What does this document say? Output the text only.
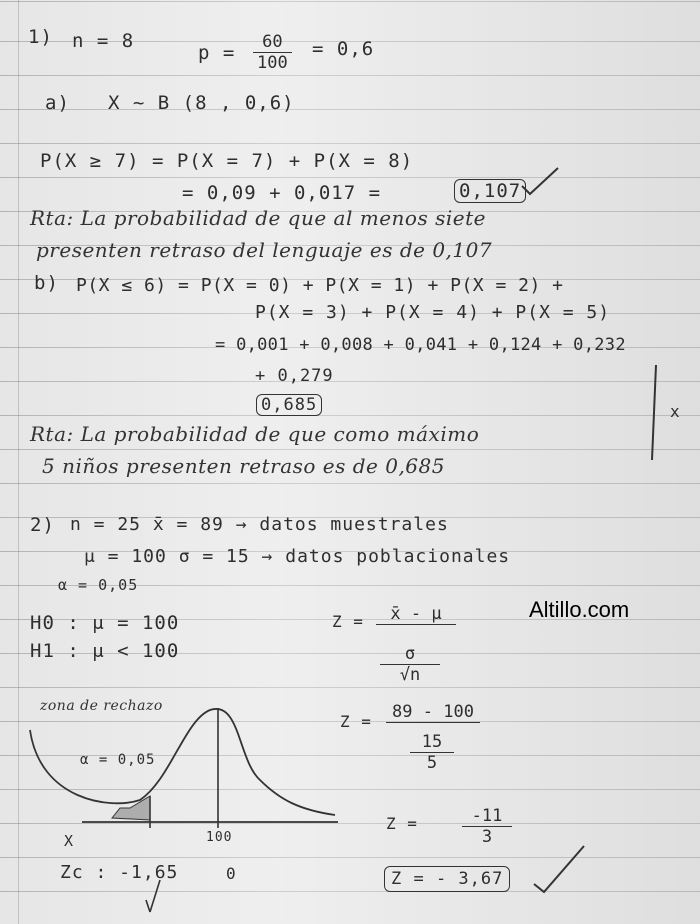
1) n = 8
$p = \frac{60}{100} = 0,6$
a) X ~ B (8 , 0,6)
P(X ≥ 7) = P(X = 7) + P(X = 8)
= 0,09 + 0,017 =	0,107
Rta: La probabilidad de que al menos siete
presenten retraso del lenguaje es de 0,107
b) P(X ≤ 6) = P(X = 0) + P(X = 1) + P(X = 2) +
P(X = 3) + P(X = 4) + P(X = 5)
= 0,001 + 0,008 + 0,041 + 0,124 + 0,232
+ 0,279
0,685
Rta: La probabilidad de que como máximo
5 niños presenten retraso es de 0,685
x
2) n = 25 x̄ = 89 → datos muestrales
μ = 100 σ = 15 → datos poblacionales
α = 0,05
H0 : μ = 100
H1 : μ < 100
Z =	x̄ - μ
$\frac{\sigma}{√n}$
Z =	89 - 100
$\frac{15}{5}$
Z =	$\frac{-11}{3}$
Z = - 3,67
zona de rechazo
α = 0,05
X	100
Zc : -1,65	0
Altillo.com
